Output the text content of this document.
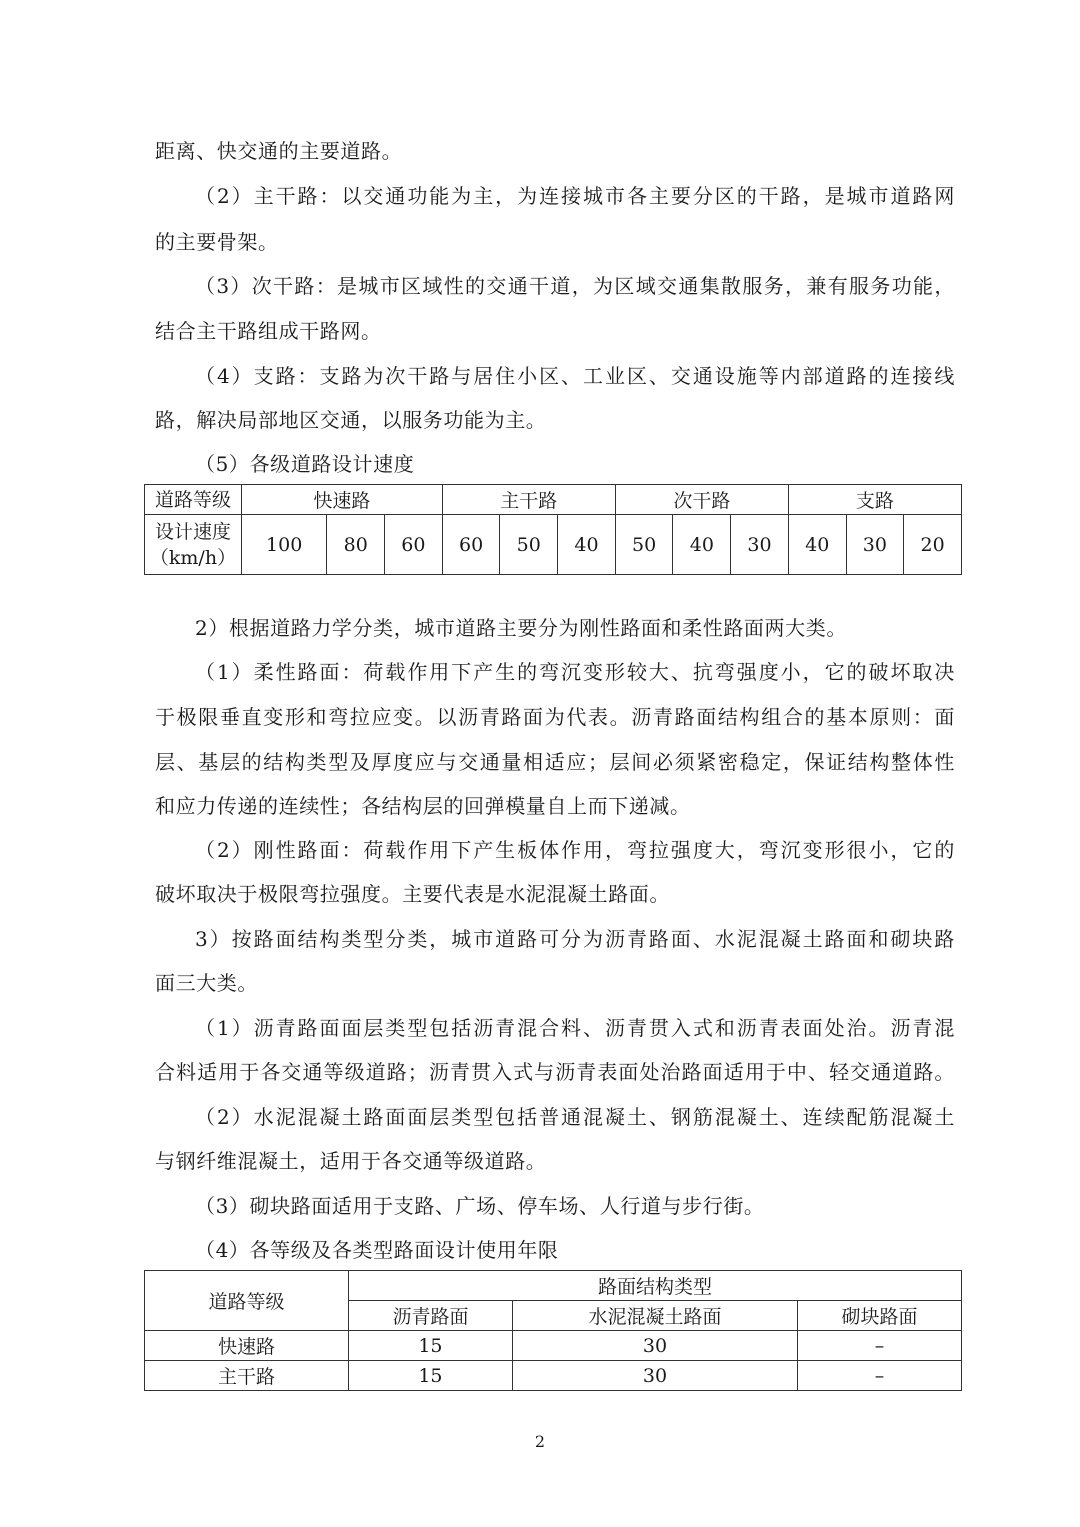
距离、快交通的主要道路。
（2）主干路：以交通功能为主，为连接城市各主要分区的干路，是城市道路网
的主要骨架。
（3）次干路：是城市区域性的交通干道，为区域交通集散服务，兼有服务功能，
结合主干路组成干路网。
（4）支路：支路为次干路与居住小区、工业区、交通设施等内部道路的连接线
路，解决局部地区交通，以服务功能为主。
（5）各级道路设计速度
道路等级	快速路			主干路			次干路			支路		

设计速度
（km/h）	100	80	60	60	50	40	50	40	30	40	30	20
2）根据道路力学分类，城市道路主要分为刚性路面和柔性路面两大类。
（1）柔性路面：荷载作用下产生的弯沉变形较大、抗弯强度小，它的破坏取决
于极限垂直变形和弯拉应变。以沥青路面为代表。沥青路面结构组合的基本原则：面
层、基层的结构类型及厚度应与交通量相适应；层间必须紧密稳定，保证结构整体性
和应力传递的连续性；各结构层的回弹模量自上而下递减。
（2）刚性路面：荷载作用下产生板体作用，弯拉强度大，弯沉变形很小，它的
破坏取决于极限弯拉强度。主要代表是水泥混凝土路面。
3）按路面结构类型分类，城市道路可分为沥青路面、水泥混凝土路面和砌块路
面三大类。
（1）沥青路面面层类型包括沥青混合料、沥青贯入式和沥青表面处治。沥青混
合料适用于各交通等级道路；沥青贯入式与沥青表面处治路面适用于中、轻交通道路。
（2）水泥混凝土路面面层类型包括普通混凝土、钢筋混凝土、连续配筋混凝土
与钢纤维混凝土，适用于各交通等级道路。
（3）砌块路面适用于支路、广场、停车场、人行道与步行街。
（4）各等级及各类型路面设计使用年限
道路等级	路面结构类型		
	沥青路面	水泥混凝土路面	砌块路面
快速路	15	30	–
主干路	15	30	–
2
